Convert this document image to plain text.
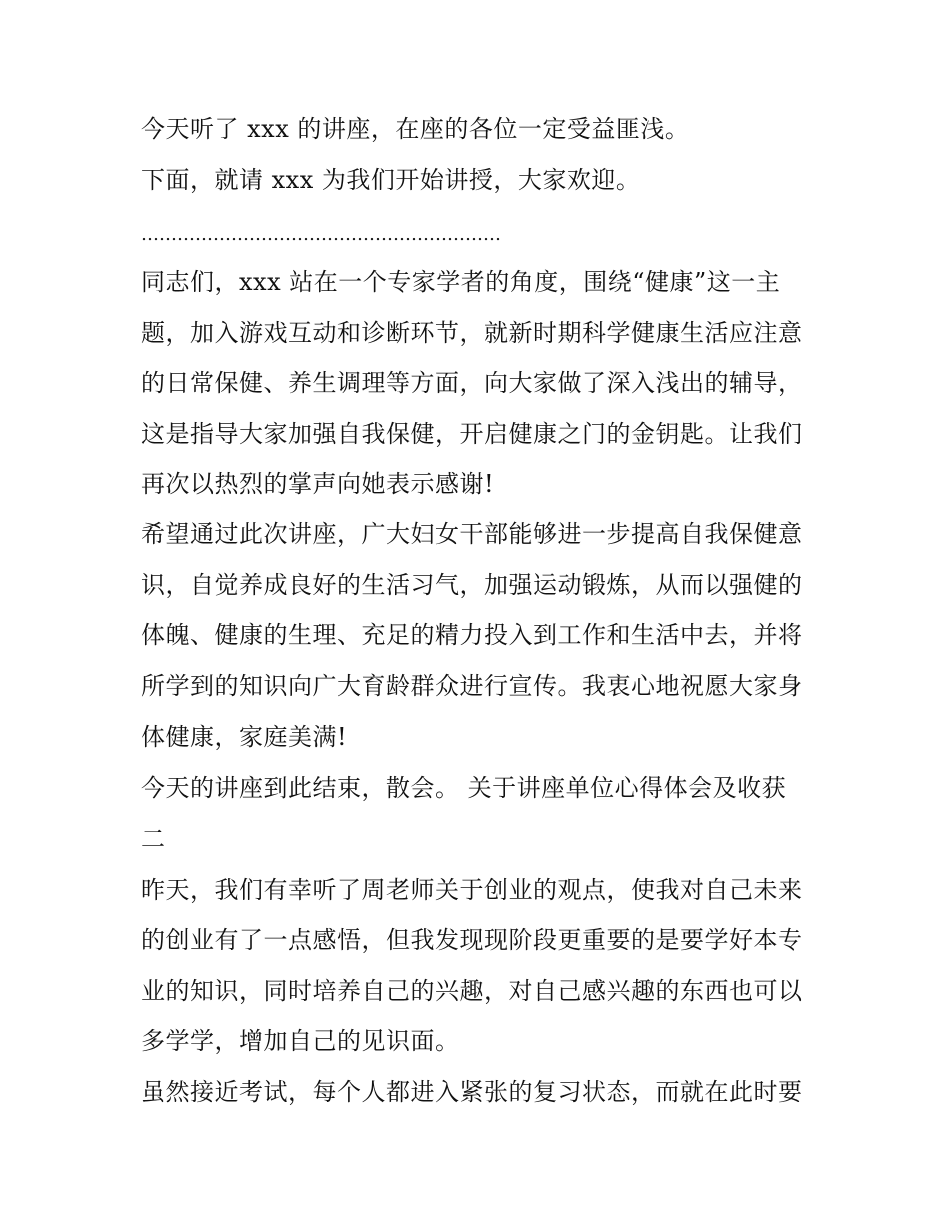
今天听了 xxx 的讲座，在座的各位一定受益匪浅。
下面，就请 xxx 为我们开始讲授，大家欢迎。
……………………………………………………
同志们，xxx 站在一个专家学者的角度，围绕“健康”这一主
题，加入游戏互动和诊断环节，就新时期科学健康生活应注意
的日常保健、养生调理等方面，向大家做了深入浅出的辅导，
这是指导大家加强自我保健，开启健康之门的金钥匙。让我们
再次以热烈的掌声向她表示感谢!
希望通过此次讲座，广大妇女干部能够进一步提高自我保健意
识，自觉养成良好的生活习气，加强运动锻炼，从而以强健的
体魄、健康的生理、充足的精力投入到工作和生活中去，并将
所学到的知识向广大育龄群众进行宣传。我衷心地祝愿大家身
体健康，家庭美满!
今天的讲座到此结束，散会。 关于讲座单位心得体会及收获
二
昨天，我们有幸听了周老师关于创业的观点，使我对自己未来
的创业有了一点感悟，但我发现现阶段更重要的是要学好本专
业的知识，同时培养自己的兴趣，对自己感兴趣的东西也可以
多学学，增加自己的见识面。
虽然接近考试，每个人都进入紧张的复习状态，而就在此时要
